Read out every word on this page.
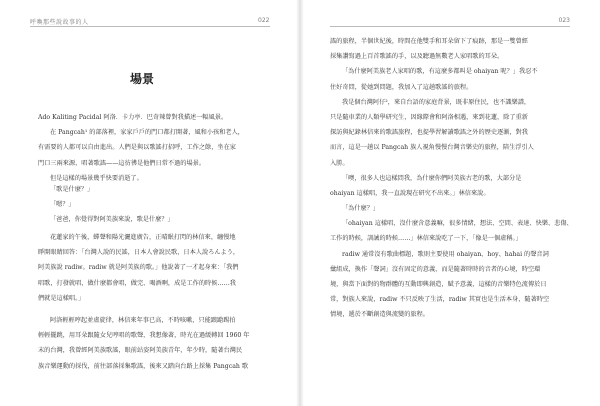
呼喚那些說故事的人	022
場景
Ado Kaliting Pacidal 阿洛．卡力亭．巴奇辣曾對我描述一幅風景。
在 Pangcah¹ 的部落裡，家家戶戶的門口都打開著，風和小孩和老人，
有需要的人都可以自由進出。人們是與以歌謠打招呼，工作之餘，坐在家
門口三兩來源，唱著歌謠——這彷彿是他們日常不過的場景。
但是這樣的場景幾乎快要消逝了。
「歌是什麼？」
「嗯？」
「爸爸，你覺得對阿美族來說，歌是什麼？」
花蓮家的午後，蟬聲和陽光灑進廣告，正晴眠打閃的林信來，纏慢地
睜開眼睛回答：「台灣人說的民謠，日本人會說民歌，日本人說ろんよう，
阿美族說 radiw。radiw 就是阿美族的歌。」他說著了一才起身來：「我們
唱歌，打發就唱，做什麼都會唱，做完、喝酒啊，成是工作的時候……我
們就是這樣唱。」
阿洛輕輕哼起並虛旋律，林信來年事已高，不時咳嗽，只能踉蹌踢拍
輕輕擺跳，用耳朵跟隨女兒哼唱的歌聲，我想像著，時光在過緩轉回 1960 年
末的台灣，我曾經阿美族歌謠，眼前站姿阿美族青年，年少時，隨著台灣民
族音樂運動的採伐，前往部落採集歌謠，後來又踏向台路上採集 Pangcah 歌
023
謠的旅程，半個世紀後，時間在他雙手和耳朵留下了痕跡，那是一雙曾經
採集讚寫過上百首歌謠的手，以及聽過無數老人家唱歌的耳朵。
「為什麼阿美族老人家唱的歌，有這麼多都叫是 ohaiyan 呢？」我忍不
住好奇問，從她到問題，我加入了這趟歌謠的旅程。
我是個台灣阿仔²，來自台語的家庭背景，既非原住民，也不識樂譜，
只是隨車業的人類學研究生，因緣際會和阿洛相遇，來到花蓮，除了重新
探訪與紀錄林信來的歌謠旅程，也提學習解讀歌謠之外的歷史逐漸，對我
而言，這是一趟以 Pangcah 族人視角慢慢台灣音樂史的旅程，陪生浮引人
入勝。
「噢，很多人也這樣問我，為什麼你們阿美族古老的歌，大部分是
ohaiyan 這樣唱，我一直說現在研究不出來。」林信來說。
「為什麼？」
「ohaiyan 這樣唱，沒什麼含意義嘛，很多情緒，想法、空間、表達、快樂、悲傷、
工作的時候，訓誡的時候……」林信來說吃了一下，「像是一個虛稱。」
radiw 通常沒有歌曲標題，歌則主要使用 ohaiyan、hoy、hahai 的聲音詞
彙組成，換作「聲詞」沒有固定的意義，而是隨著時時的音者的心境，時空環
境，與當下面對的物群體的互動即興創造，賦予意義，這樣的音樂特色流傳於日
常，對族人來說，radiw 不只反映了生活，radiw 其實也是生活本身，隨著時空
情境，遞於不斷創造與流變的旅程。
